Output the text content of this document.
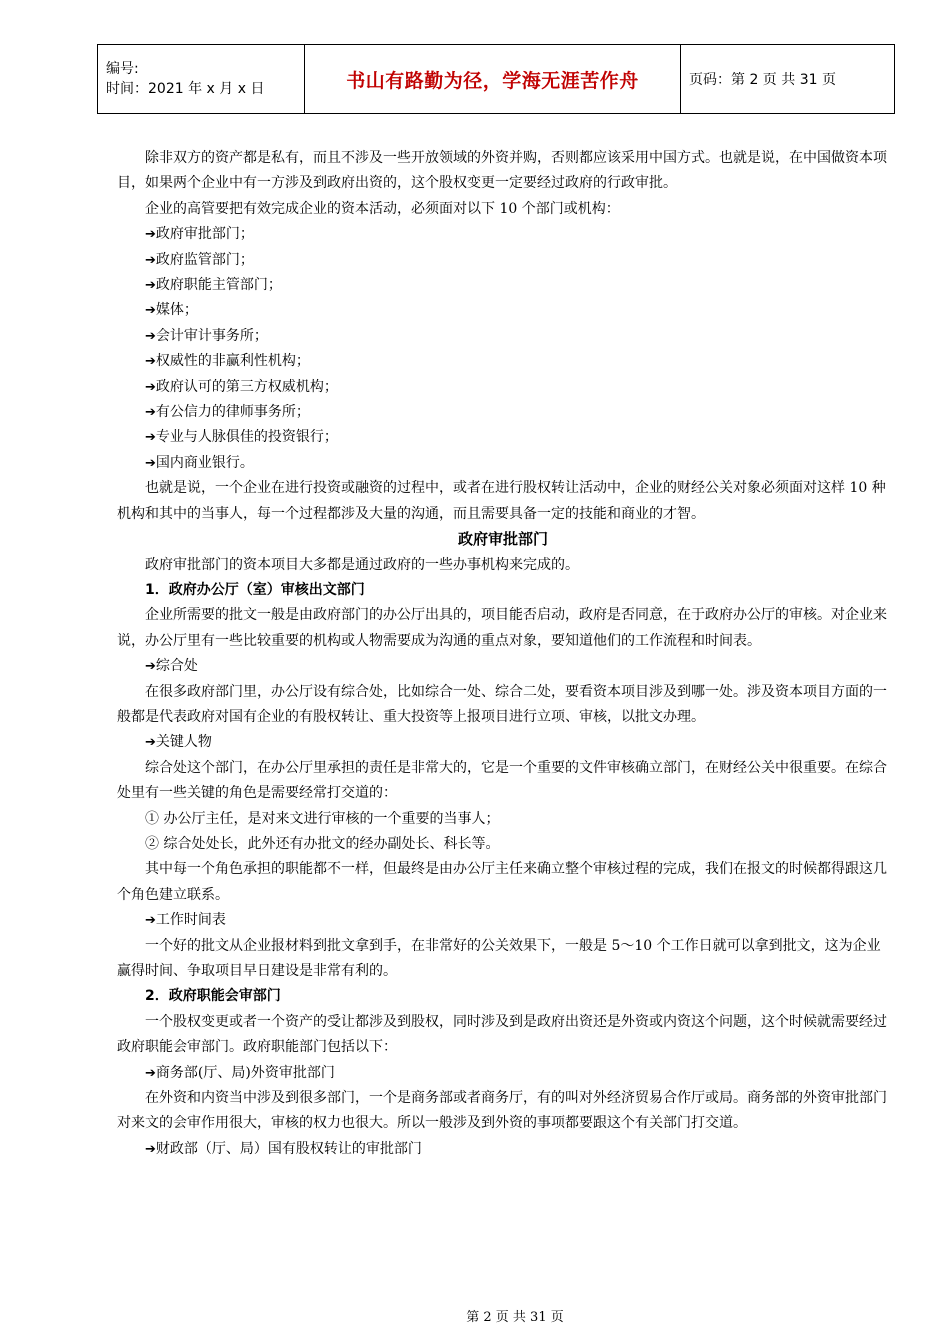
编号:
时间：2021 年 x 月 x 日	书山有路勤为径，学海无涯苦作舟	页码：第 2 页 共 31 页

除非双方的资产都是私有，而且不涉及一些开放领域的外资并购，否则都应该采用中国方式。也就是说，在中国做资本项目，如果两个企业中有一方涉及到政府出资的，这个股权变更一定要经过政府的行政审批。

企业的高管要把有效完成企业的资本活动，必须面对以下 10 个部门或机构：

➔政府审批部门；

➔政府监管部门；

➔政府职能主管部门；

➔媒体；

➔会计审计事务所；

➔权威性的非赢利性机构；

➔政府认可的第三方权威机构；

➔有公信力的律师事务所；

➔专业与人脉俱佳的投资银行；

➔国内商业银行。

也就是说，一个企业在进行投资或融资的过程中，或者在进行股权转让活动中，企业的财经公关对象必须面对这样 10 种机构和其中的当事人，每一个过程都涉及大量的沟通，而且需要具备一定的技能和商业的才智。

政府审批部门

政府审批部门的资本项目大多都是通过政府的一些办事机构来完成的。

1．政府办公厅（室）审核出文部门

企业所需要的批文一般是由政府部门的办公厅出具的，项目能否启动，政府是否同意，在于政府办公厅的审核。对企业来说，办公厅里有一些比较重要的机构或人物需要成为沟通的重点对象，要知道他们的工作流程和时间表。

➔综合处

在很多政府部门里，办公厅设有综合处，比如综合一处、综合二处，要看资本项目涉及到哪一处。涉及资本项目方面的一般都是代表政府对国有企业的有股权转让、重大投资等上报项目进行立项、审核，以批文办理。

➔关键人物

综合处这个部门，在办公厅里承担的责任是非常大的，它是一个重要的文件审核确立部门，在财经公关中很重要。在综合处里有一些关键的角色是需要经常打交道的：

① 办公厅主任，是对来文进行审核的一个重要的当事人；

② 综合处处长，此外还有办批文的经办副处长、科长等。

其中每一个角色承担的职能都不一样，但最终是由办公厅主任来确立整个审核过程的完成，我们在报文的时候都得跟这几个角色建立联系。

➔工作时间表

一个好的批文从企业报材料到批文拿到手，在非常好的公关效果下，一般是 5～10 个工作日就可以拿到批文，这为企业赢得时间、争取项目早日建设是非常有利的。

2．政府职能会审部门

一个股权变更或者一个资产的受让都涉及到股权，同时涉及到是政府出资还是外资或内资这个问题，这个时候就需要经过政府职能会审部门。政府职能部门包括以下：

➔商务部(厅、局)外资审批部门

在外资和内资当中涉及到很多部门，一个是商务部或者商务厅，有的叫对外经济贸易合作厅或局。商务部的外资审批部门对来文的会审作用很大，审核的权力也很大。所以一般涉及到外资的事项都要跟这个有关部门打交道。

➔财政部（厅、局）国有股权转让的审批部门

第 2 页 共 31 页
